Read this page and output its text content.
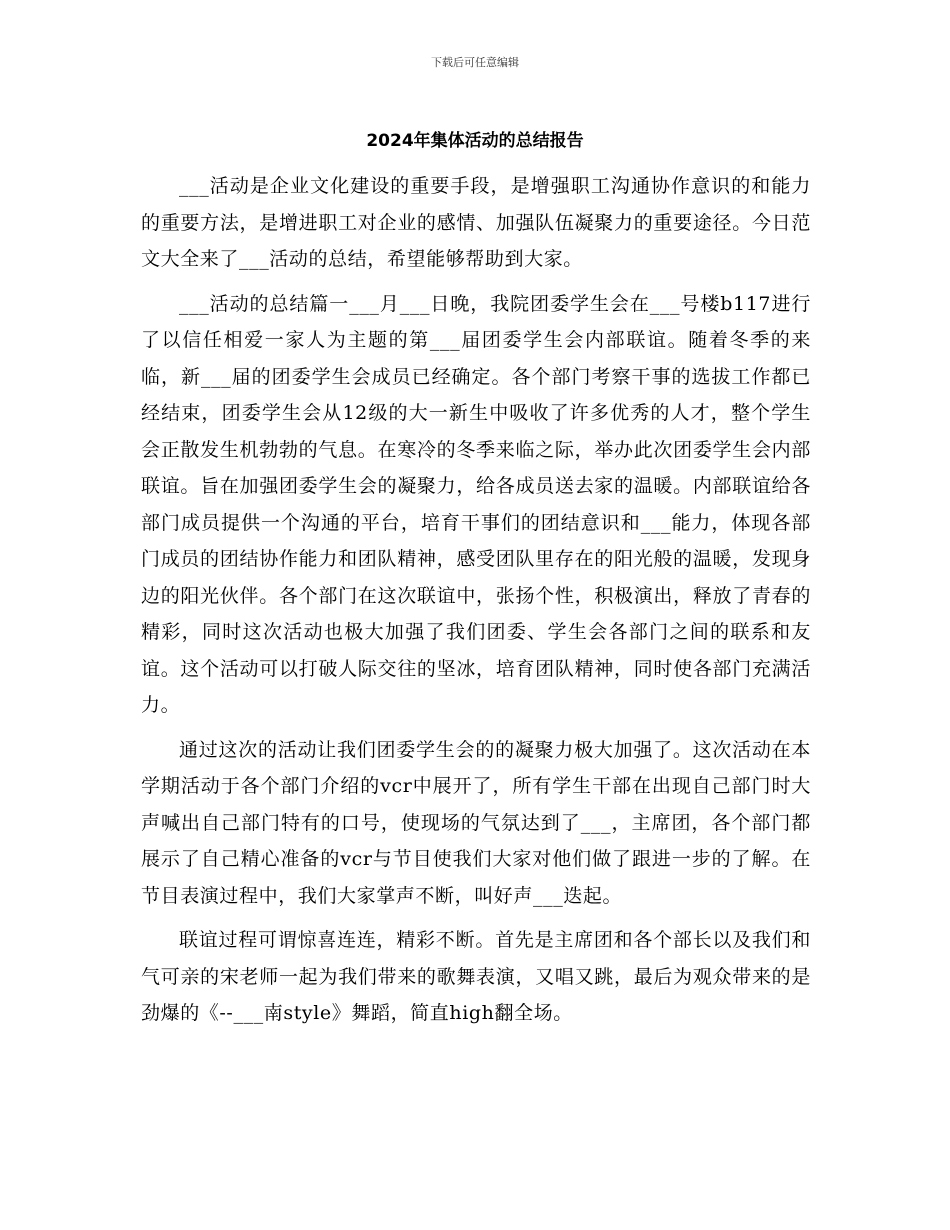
下载后可任意编辑
2024年集体活动的总结报告

___活动是企业文化建设的重要手段，是增强职工沟通协作意识的和能力的重要方法，是增进职工对企业的感情、加强队伍凝聚力的重要途径。今日范文大全来了___活动的总结，希望能够帮助到大家。

___活动的总结篇一___月___日晚，我院团委学生会在___号楼b117进行了以信任相爱一家人为主题的第___届团委学生会内部联谊。随着冬季的来临，新___届的团委学生会成员已经确定。各个部门考察干事的选拔工作都已经结束，团委学生会从12级的大一新生中吸收了许多优秀的人才，整个学生会正散发生机勃勃的气息。在寒冷的冬季来临之际，举办此次团委学生会内部联谊。旨在加强团委学生会的凝聚力，给各成员送去家的温暖。内部联谊给各部门成员提供一个沟通的平台，培育干事们的团结意识和___能力，体现各部门成员的团结协作能力和团队精神，感受团队里存在的阳光般的温暖，发现身边的阳光伙伴。各个部门在这次联谊中，张扬个性，积极演出，释放了青春的精彩，同时这次活动也极大加强了我们团委、学生会各部门之间的联系和友谊。这个活动可以打破人际交往的坚冰，培育团队精神，同时使各部门充满活力。

通过这次的活动让我们团委学生会的的凝聚力极大加强了。这次活动在本学期活动于各个部门介绍的vcr中展开了，所有学生干部在出现自己部门时大声喊出自己部门特有的口号，使现场的气氛达到了___，主席团，各个部门都展示了自己精心准备的vcr与节目使我们大家对他们做了跟进一步的了解。在节目表演过程中，我们大家掌声不断，叫好声___迭起。

联谊过程可谓惊喜连连，精彩不断。首先是主席团和各个部长以及我们和气可亲的宋老师一起为我们带来的歌舞表演，又唱又跳，最后为观众带来的是劲爆的《--___南style》舞蹈，简直high翻全场。
